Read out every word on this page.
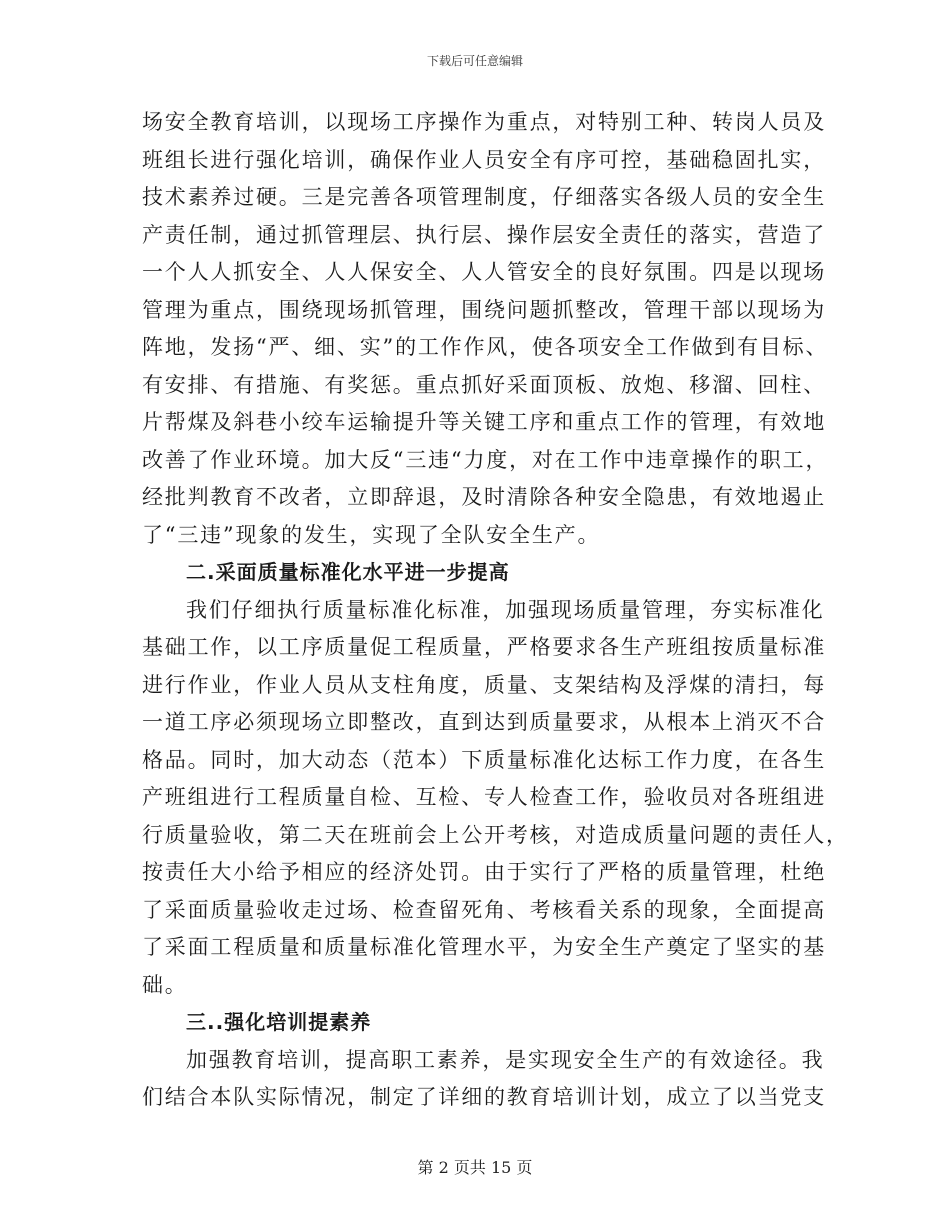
下载后可任意编辑
场安全教育培训，以现场工序操作为重点，对特别工种、转岗人员及
班组长进行强化培训，确保作业人员安全有序可控，基础稳固扎实，
技术素养过硬。三是完善各项管理制度，仔细落实各级人员的安全生
产责任制，通过抓管理层、执行层、操作层安全责任的落实，营造了
一个人人抓安全、人人保安全、人人管安全的良好氛围。四是以现场
管理为重点，围绕现场抓管理，围绕问题抓整改，管理干部以现场为
阵地，发扬“严、细、实”的工作作风，使各项安全工作做到有目标、
有安排、有措施、有奖惩。重点抓好采面顶板、放炮、移溜、回柱、
片帮煤及斜巷小绞车运输提升等关键工序和重点工作的管理，有效地
改善了作业环境。加大反“三违“力度，对在工作中违章操作的职工，
经批判教育不改者，立即辞退，及时清除各种安全隐患，有效地遏止
了“三违”现象的发生，实现了全队安全生产。
二.采面质量标准化水平进一步提高
我们仔细执行质量标准化标准，加强现场质量管理，夯实标准化
基础工作，以工序质量促工程质量，严格要求各生产班组按质量标准
进行作业，作业人员从支柱角度，质量、支架结构及浮煤的清扫，每
一道工序必须现场立即整改，直到达到质量要求，从根本上消灭不合
格品。同时，加大动态（范本）下质量标准化达标工作力度，在各生
产班组进行工程质量自检、互检、专人检查工作，验收员对各班组进
行质量验收，第二天在班前会上公开考核，对造成质量问题的责任人，
按责任大小给予相应的经济处罚。由于实行了严格的质量管理，杜绝
了采面质量验收走过场、检查留死角、考核看关系的现象，全面提高
了采面工程质量和质量标准化管理水平，为安全生产奠定了坚实的基
础。
三..强化培训提素养
加强教育培训，提高职工素养，是实现安全生产的有效途径。我
们结合本队实际情况，制定了详细的教育培训计划，成立了以当党支
第 2 页共 15 页
